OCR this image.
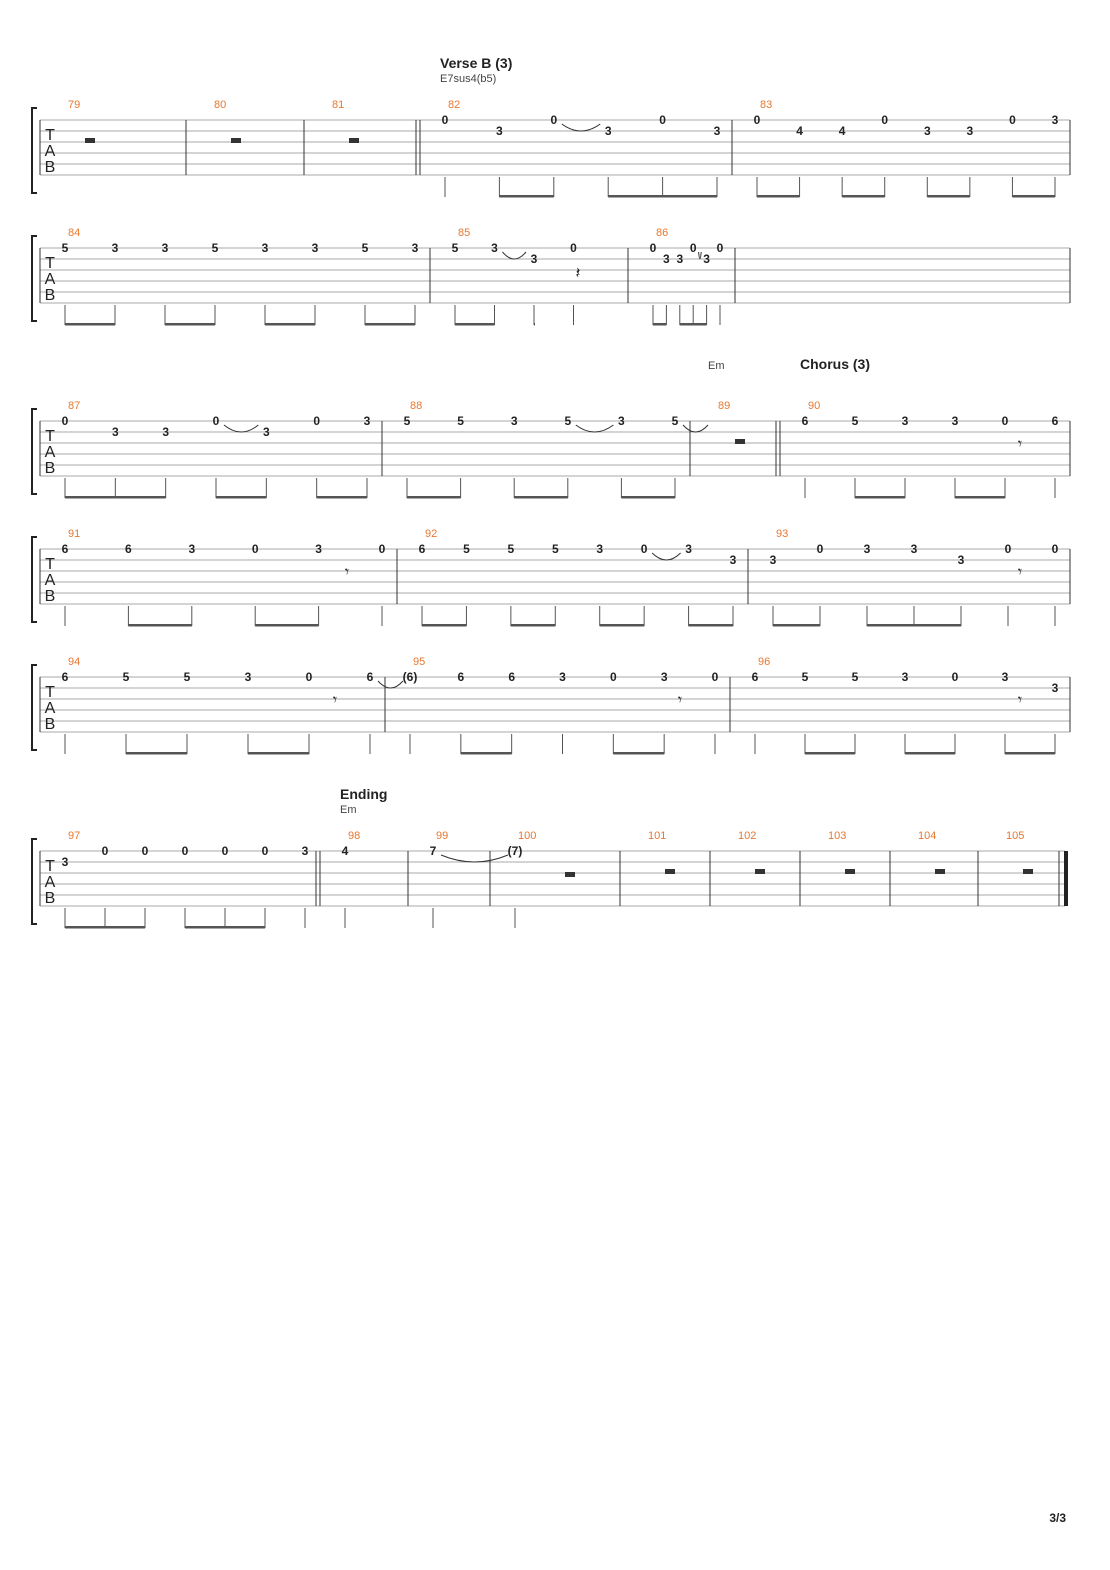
T
A
B
79	80	81	82
Verse B (3)
E7sus4(b5)
0
3
0
3
0
3
83
0
4	4
0
3	3
0	3
T
A
B
84
5	3	3	5	3	3	5	3
85
5	3
3
0
𝄽
86
0
3 3
0
3
0
T
A
B
87
0
3	3
0
3
0	3
88
5	5	3	5	3	5
89
Em
90
Chorus (3)
6	5	3	3	0	6
𝄾
T
A
B
91
6	6	3	0	3	0
𝄾
92
6	5	5	5	3	0	3
3
93
3
0	3	3
3
0	0
𝄾
T
A
B
94
6	5	5	3	0	6
𝄾
95
(6)	6	6	3	0	3	0
𝄾
96
6	5	5	3	0	3
3
𝄾
T
A
B
97
3
0	0	0	0	0	3
98
Ending
Em
4
99
7
100
(7)
101	102	103	104	105
3/3
